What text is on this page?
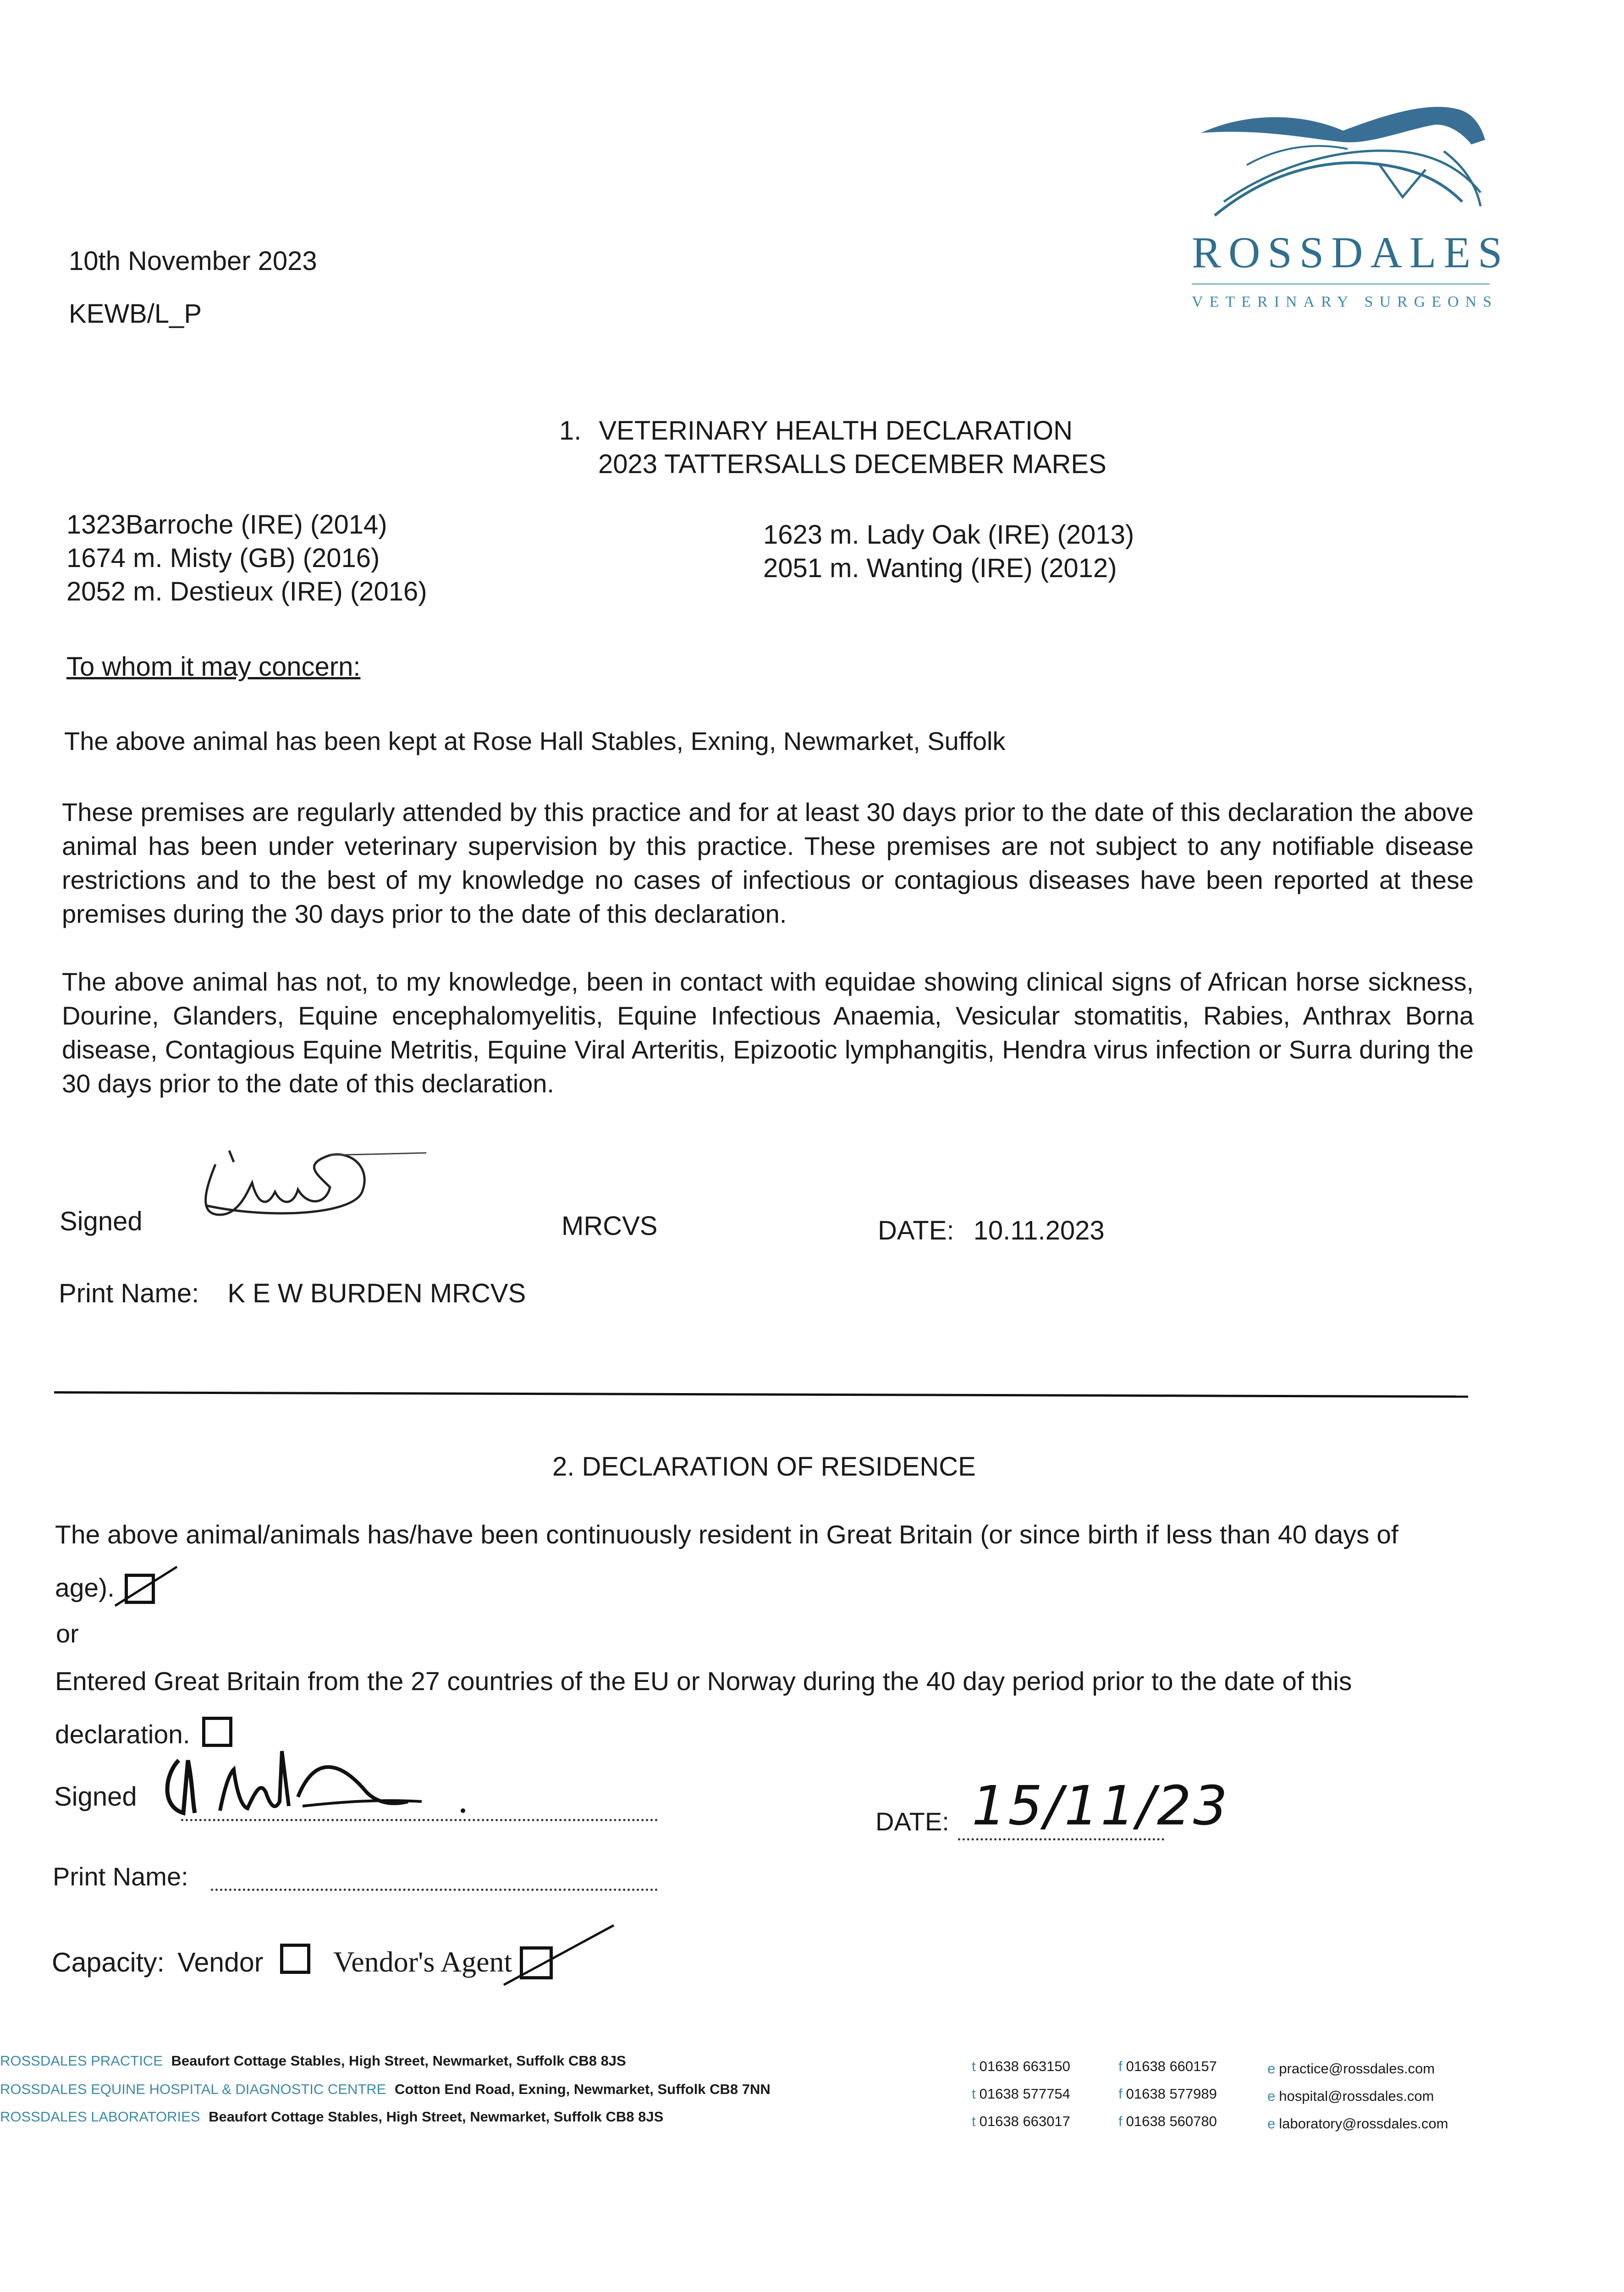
10th November 2023
KEWB/L_P
ROSSDALES
VETERINARY SURGEONS
1. VETERINARY HEALTH DECLARATION
2023 TATTERSALLS DECEMBER MARES
1323Barroche (IRE) (2014)
1674 m. Misty (GB) (2016)
2052 m. Destieux (IRE) (2016)
1623 m. Lady Oak (IRE) (2013)
2051 m. Wanting (IRE) (2012)
To whom it may concern:
The above animal has been kept at Rose Hall Stables, Exning, Newmarket, Suffolk
These premises are regularly attended by this practice and for at least 30 days prior to the date of this declaration the above animal has been under veterinary supervision by this practice. These premises are not subject to any notifiable disease restrictions and to the best of my knowledge no cases of infectious or contagious diseases have been reported at these premises during the 30 days prior to the date of this declaration.
The above animal has not, to my knowledge, been in contact with equidae showing clinical signs of African horse sickness, Dourine, Glanders, Equine encephalomyelitis, Equine Infectious Anaemia, Vesicular stomatitis, Rabies, Anthrax Borna disease, Contagious Equine Metritis, Equine Viral Arteritis, Epizootic lymphangitis, Hendra virus infection or Surra during the 30 days prior to the date of this declaration.
Signed	MRCVS	DATE: 10.11.2023
Print Name: K E W BURDEN MRCVS
2. DECLARATION OF RESIDENCE
The above animal/animals has/have been continuously resident in Great Britain (or since birth if less than 40 days of age).
or
Entered Great Britain from the 27 countries of the EU or Norway during the 40 day period prior to the date of this declaration.
Signed
DATE: 15/11/23
Print Name:
Capacity: Vendor Vendor's Agent
ROSSDALES PRACTICE Beaufort Cottage Stables, High Street, Newmarket, Suffolk CB8 8JS
ROSSDALES EQUINE HOSPITAL & DIAGNOSTIC CENTRE Cotton End Road, Exning, Newmarket, Suffolk CB8 7NN
ROSSDALES LABORATORIES Beaufort Cottage Stables, High Street, Newmarket, Suffolk CB8 8JS
t 01638 663150
t 01638 577754
t 01638 663017
f 01638 660157
f 01638 577989
f 01638 560780
e practice@rossdales.com
e hospital@rossdales.com
e laboratory@rossdales.com
